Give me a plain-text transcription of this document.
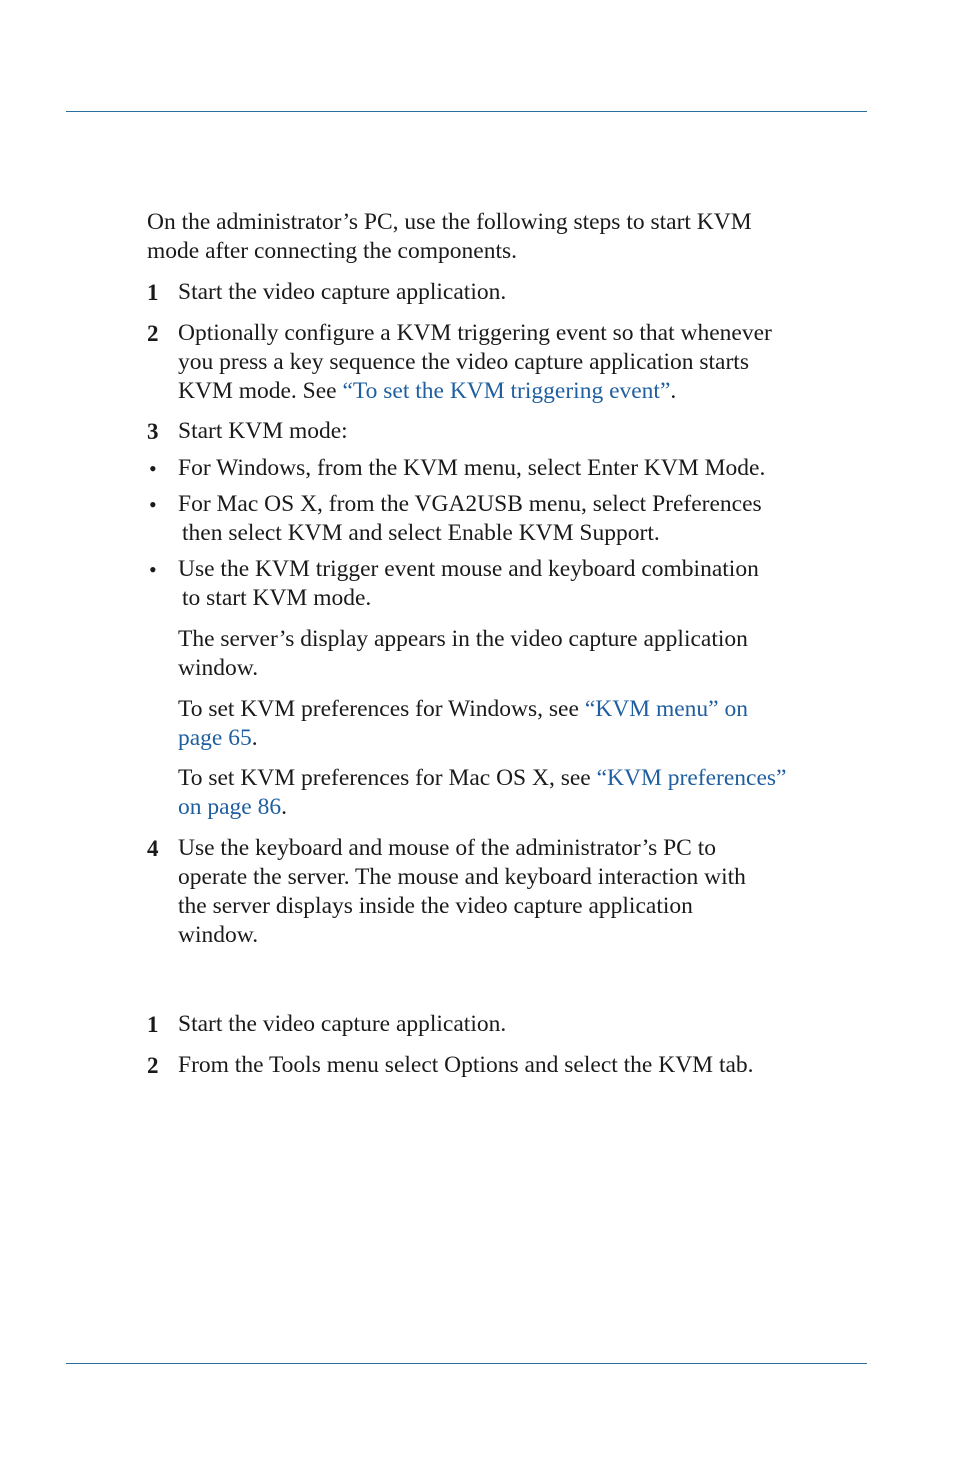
On the administrator’s PC, use the following steps to start KVM

mode after connecting the components.

1 Start the video capture application.

2 Optionally configure a KVM triggering event so that whenever

you press a key sequence the video capture application starts

KVM mode. See “To set the KVM triggering event”.

3 Start KVM mode:

• For Windows, from the KVM menu, select Enter KVM Mode.

• For Mac OS X, from the VGA2USB menu, select Preferences

then select KVM and select Enable KVM Support.

• Use the KVM trigger event mouse and keyboard combination

to start KVM mode.

The server’s display appears in the video capture application

window.

To set KVM preferences for Windows, see “KVM menu” on

page 65.

To set KVM preferences for Mac OS X, see “KVM preferences”

on page 86.

4 Use the keyboard and mouse of the administrator’s PC to

operate the server. The mouse and keyboard interaction with

the server displays inside the video capture application

window.

1 Start the video capture application.

2 From the Tools menu select Options and select the KVM tab.
